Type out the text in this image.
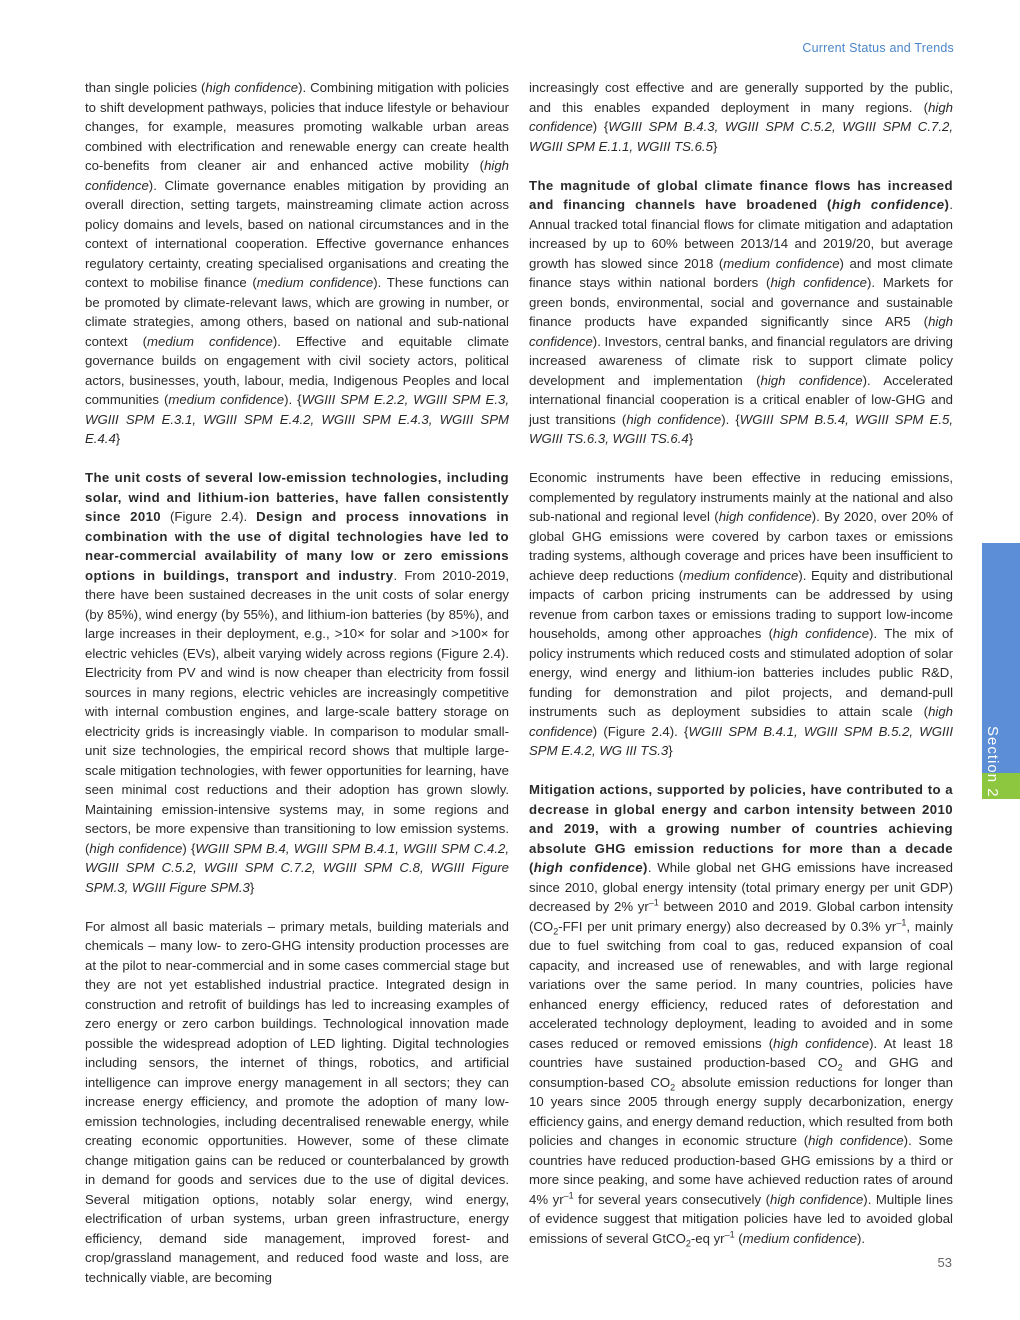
Current Status and Trends

than single policies (high confidence). Combining mitigation with policies to shift development pathways, policies that induce lifestyle or behaviour changes, for example, measures promoting walkable urban areas combined with electrification and renewable energy can create health co-benefits from cleaner air and enhanced active mobility (high confidence). Climate governance enables mitigation by providing an overall direction, setting targets, mainstreaming climate action across policy domains and levels, based on national circumstances and in the context of international cooperation. Effective governance enhances regulatory certainty, creating specialised organisations and creating the context to mobilise finance (medium confidence). These functions can be promoted by climate-relevant laws, which are growing in number, or climate strategies, among others, based on national and sub-national context (medium confidence). Effective and equitable climate governance builds on engagement with civil society actors, political actors, businesses, youth, labour, media, Indigenous Peoples and local communities (medium confidence). {WGIII SPM E.2.2, WGIII SPM E.3, WGIII SPM E.3.1, WGIII SPM E.4.2, WGIII SPM E.4.3, WGIII SPM E.4.4}

The unit costs of several low-emission technologies, including solar, wind and lithium-ion batteries, have fallen consistently since 2010 (Figure 2.4). Design and process innovations in combination with the use of digital technologies have led to near-commercial availability of many low or zero emissions options in buildings, transport and industry. From 2010-2019, there have been sustained decreases in the unit costs of solar energy (by 85%), wind energy (by 55%), and lithium-ion batteries (by 85%), and large increases in their deployment, e.g., >10× for solar and >100× for electric vehicles (EVs), albeit varying widely across regions (Figure 2.4). Electricity from PV and wind is now cheaper than electricity from fossil sources in many regions, electric vehicles are increasingly competitive with internal combustion engines, and large-scale battery storage on electricity grids is increasingly viable. In comparison to modular small-unit size technologies, the empirical record shows that multiple large-scale mitigation technologies, with fewer opportunities for learning, have seen minimal cost reductions and their adoption has grown slowly. Maintaining emission-intensive systems may, in some regions and sectors, be more expensive than transitioning to low emission systems. (high confidence) {WGIII SPM B.4, WGIII SPM B.4.1, WGIII SPM C.4.2, WGIII SPM C.5.2, WGIII SPM C.7.2, WGIII SPM C.8, WGIII Figure SPM.3, WGIII Figure SPM.3}

For almost all basic materials – primary metals, building materials and chemicals – many low- to zero-GHG intensity production processes are at the pilot to near-commercial and in some cases commercial stage but they are not yet established industrial practice. Integrated design in construction and retrofit of buildings has led to increasing examples of zero energy or zero carbon buildings. Technological innovation made possible the widespread adoption of LED lighting. Digital technologies including sensors, the internet of things, robotics, and artificial intelligence can improve energy management in all sectors; they can increase energy efficiency, and promote the adoption of many low-emission technologies, including decentralised renewable energy, while creating economic opportunities. However, some of these climate change mitigation gains can be reduced or counterbalanced by growth in demand for goods and services due to the use of digital devices. Several mitigation options, notably solar energy, wind energy, electrification of urban systems, urban green infrastructure, energy efficiency, demand side management, improved forest- and crop/grassland management, and reduced food waste and loss, are technically viable, are becoming

increasingly cost effective and are generally supported by the public, and this enables expanded deployment in many regions. (high confidence) {WGIII SPM B.4.3, WGIII SPM C.5.2, WGIII SPM C.7.2, WGIII SPM E.1.1, WGIII TS.6.5}

The magnitude of global climate finance flows has increased and financing channels have broadened (high confidence). Annual tracked total financial flows for climate mitigation and adaptation increased by up to 60% between 2013/14 and 2019/20, but average growth has slowed since 2018 (medium confidence) and most climate finance stays within national borders (high confidence). Markets for green bonds, environmental, social and governance and sustainable finance products have expanded significantly since AR5 (high confidence). Investors, central banks, and financial regulators are driving increased awareness of climate risk to support climate policy development and implementation (high confidence). Accelerated international financial cooperation is a critical enabler of low-GHG and just transitions (high confidence). {WGIII SPM B.5.4, WGIII SPM E.5, WGIII TS.6.3, WGIII TS.6.4}

Economic instruments have been effective in reducing emissions, complemented by regulatory instruments mainly at the national and also sub-national and regional level (high confidence). By 2020, over 20% of global GHG emissions were covered by carbon taxes or emissions trading systems, although coverage and prices have been insufficient to achieve deep reductions (medium confidence). Equity and distributional impacts of carbon pricing instruments can be addressed by using revenue from carbon taxes or emissions trading to support low-income households, among other approaches (high confidence). The mix of policy instruments which reduced costs and stimulated adoption of solar energy, wind energy and lithium-ion batteries includes public R&D, funding for demonstration and pilot projects, and demand-pull instruments such as deployment subsidies to attain scale (high confidence) (Figure 2.4). {WGIII SPM B.4.1, WGIII SPM B.5.2, WGIII SPM E.4.2, WG III TS.3}

Mitigation actions, supported by policies, have contributed to a decrease in global energy and carbon intensity between 2010 and 2019, with a growing number of countries achieving absolute GHG emission reductions for more than a decade (high confidence). While global net GHG emissions have increased since 2010, global energy intensity (total primary energy per unit GDP) decreased by 2% $yr^{-1}$ between 2010 and 2019. Global carbon intensity ($CO_2$-FFI per unit primary energy) also decreased by 0.3% $yr^{-1}$, mainly due to fuel switching from coal to gas, reduced expansion of coal capacity, and increased use of renewables, and with large regional variations over the same period. In many countries, policies have enhanced energy efficiency, reduced rates of deforestation and accelerated technology deployment, leading to avoided and in some cases reduced or removed emissions (high confidence). At least 18 countries have sustained production-based $CO_2$ and GHG and consumption-based $CO_2$ absolute emission reductions for longer than 10 years since 2005 through energy supply decarbonization, energy efficiency gains, and energy demand reduction, which resulted from both policies and changes in economic structure (high confidence). Some countries have reduced production-based GHG emissions by a third or more since peaking, and some have achieved reduction rates of around 4% $yr^{-1}$ for several years consecutively (high confidence). Multiple lines of evidence suggest that mitigation policies have led to avoided global emissions of several GtCO$_2$-eq $yr^{-1}$ (medium confidence).

Section 2
53
